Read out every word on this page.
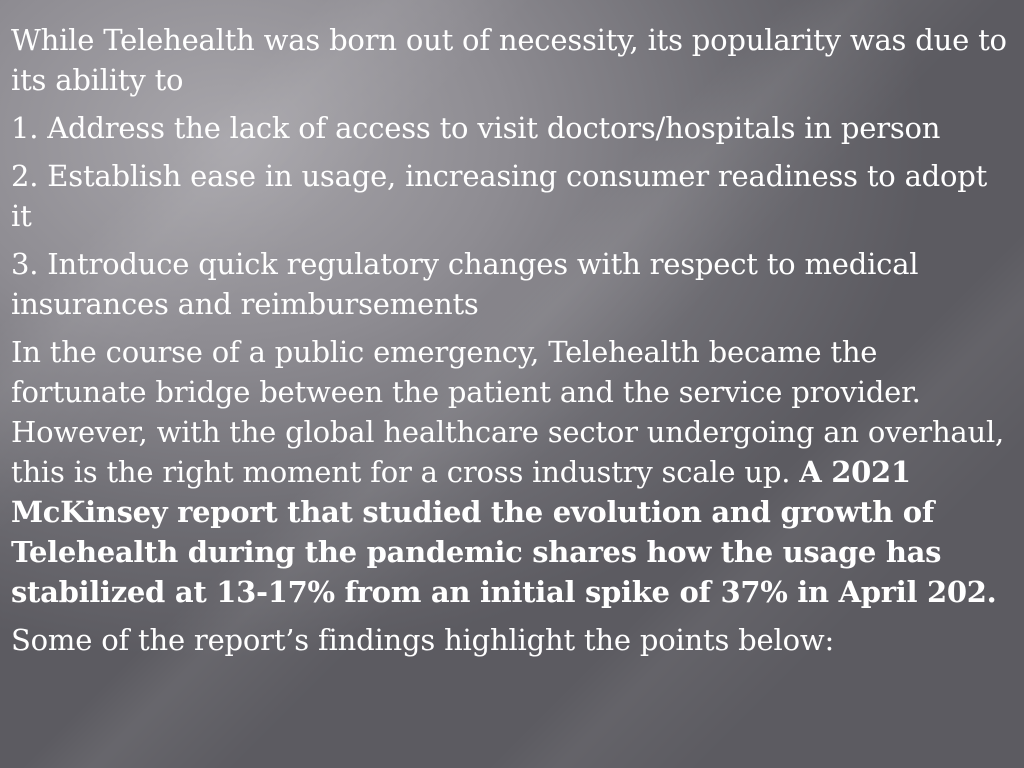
While Telehealth was born out of necessity, its popularity was due to its ability to

1. Address the lack of access to visit doctors/hospitals in person

2. Establish ease in usage, increasing consumer readiness to adopt it

3. Introduce quick regulatory changes with respect to medical insurances and reimbursements

In the course of a public emergency, Telehealth became the fortunate bridge between the patient and the service provider. However, with the global healthcare sector undergoing an overhaul, this is the right moment for a cross industry scale up. A 2021 McKinsey report that studied the evolution and growth of Telehealth during the pandemic shares how the usage has stabilized at 13-17% from an initial spike of 37% in April 202.

Some of the report’s findings highlight the points below:
